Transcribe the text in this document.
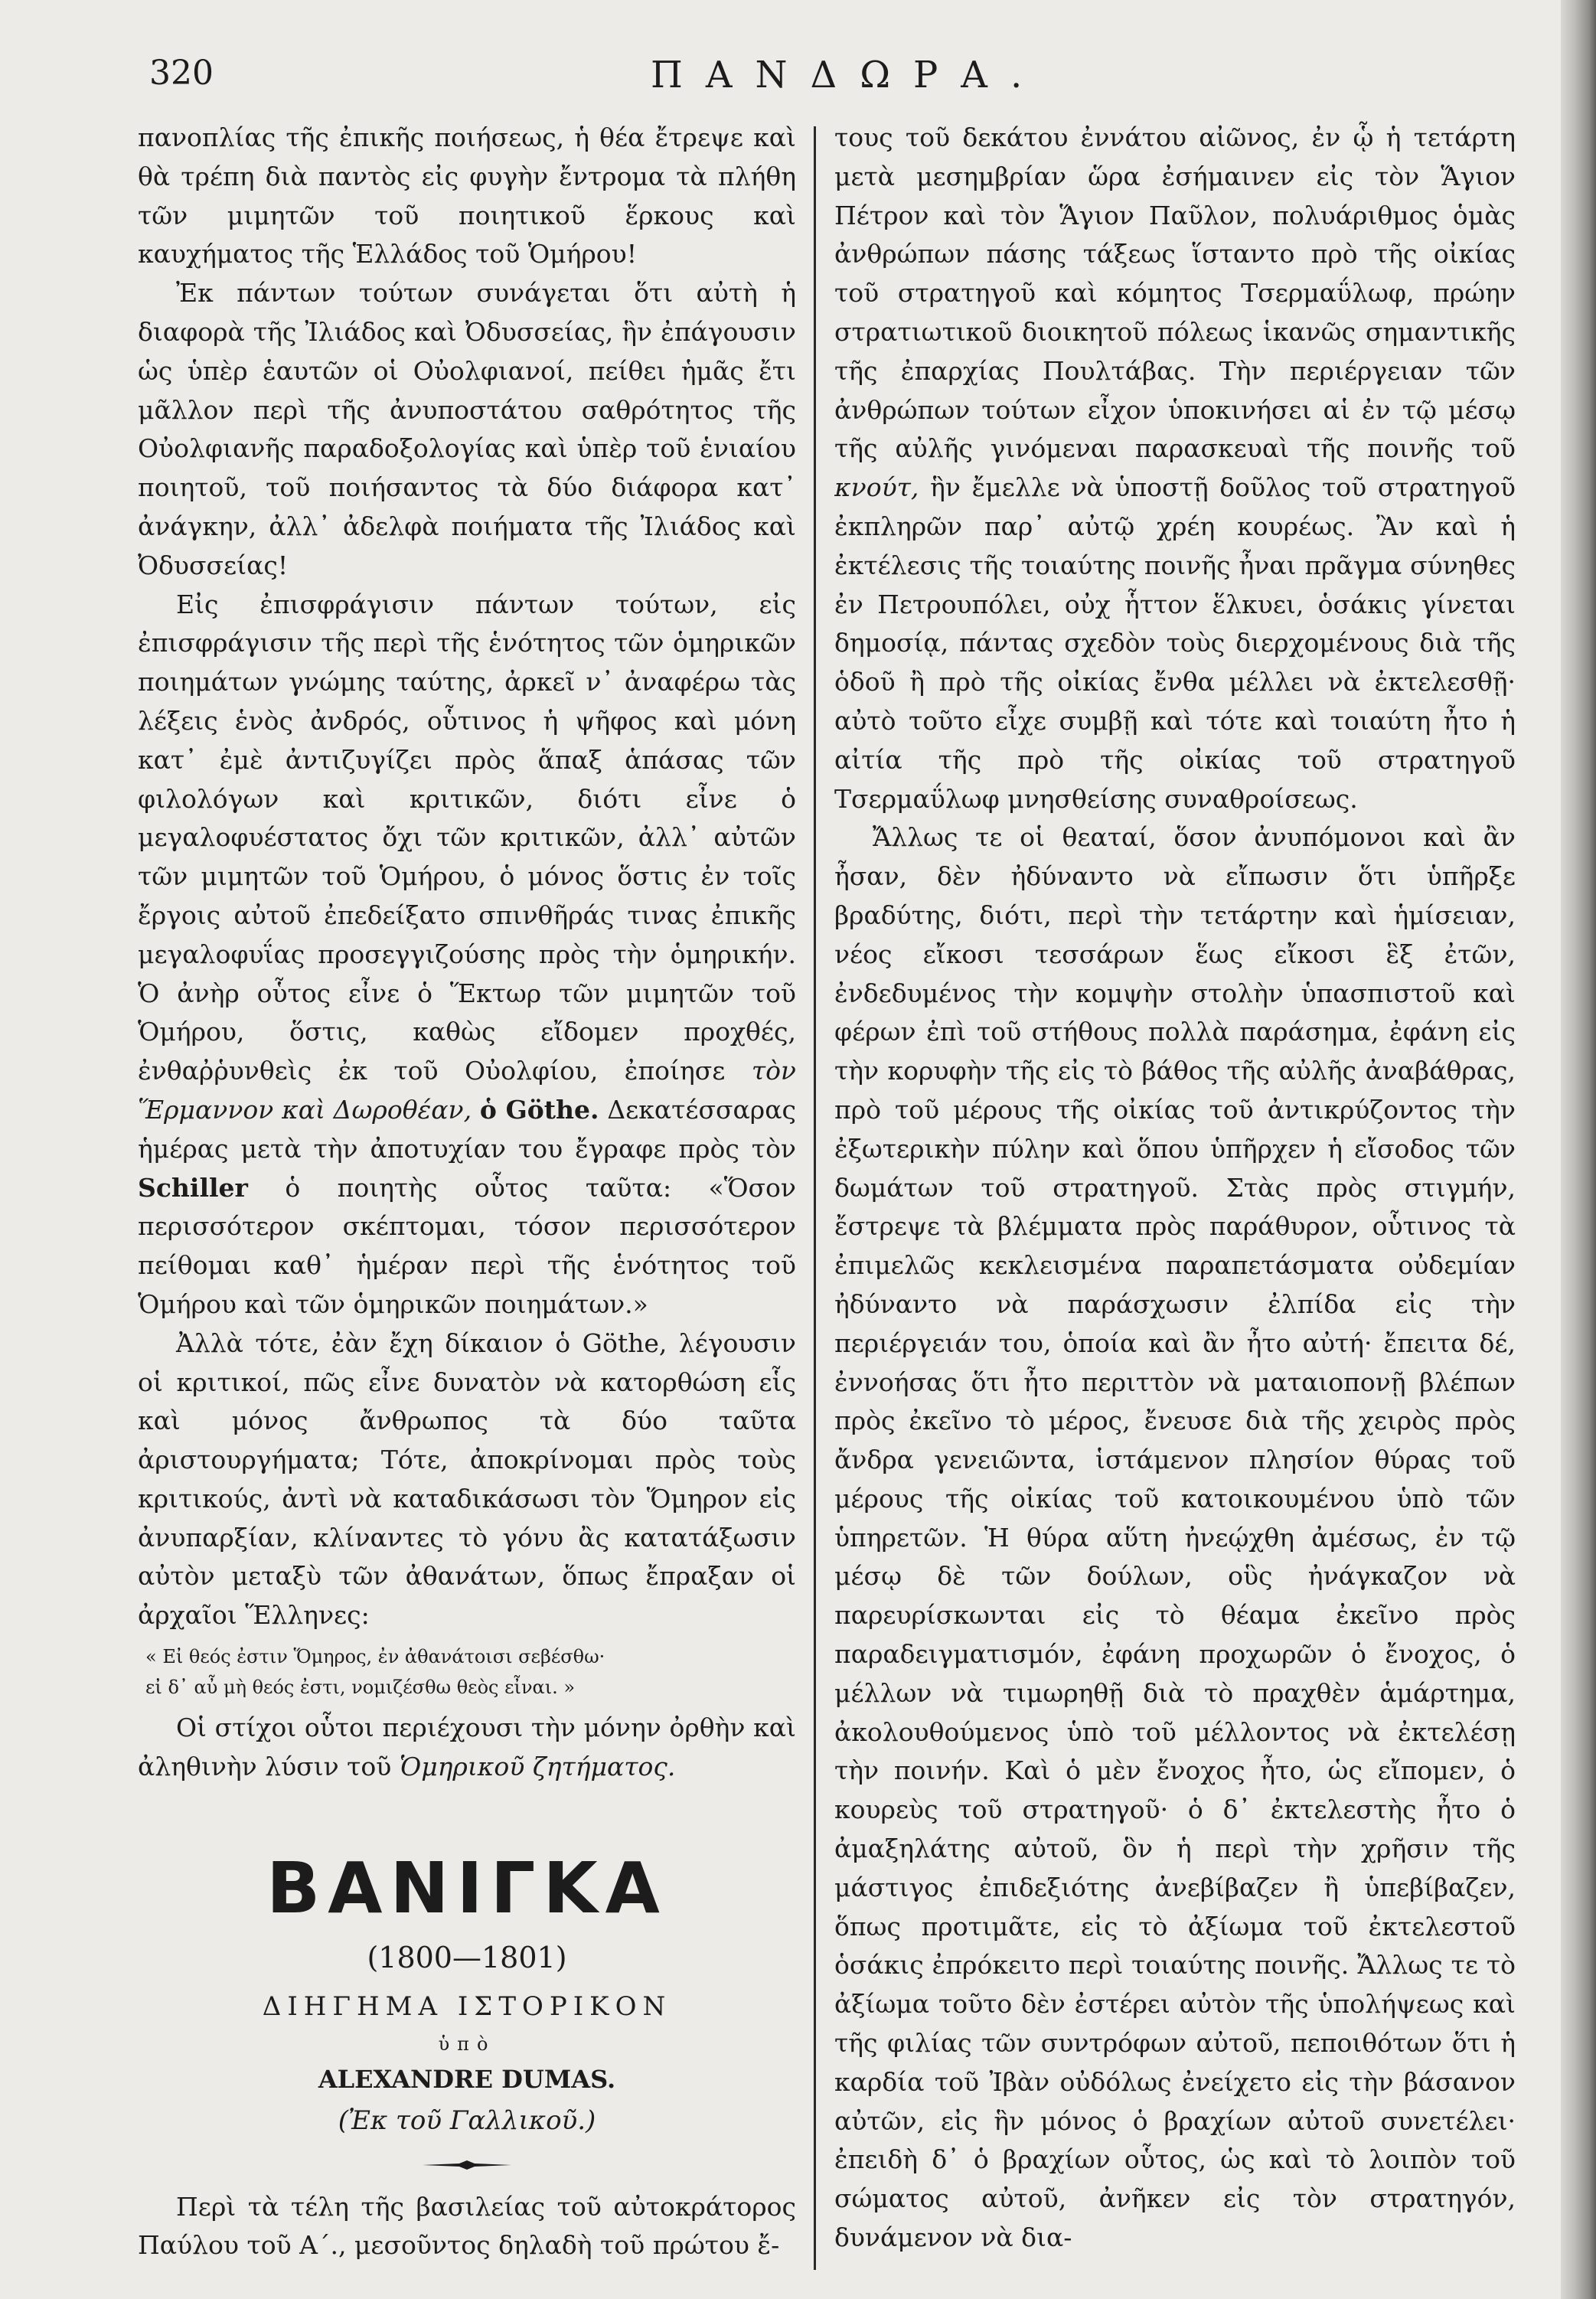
320	ΠΑΝΔΩΡΑ.

πανοπλίας τῆς ἐπικῆς ποιήσεως, ἡ θέα ἔτρεψε καὶ θὰ τρέπη διὰ παντὸς εἰς φυγὴν ἔντρομα τὰ πλήθη τῶν μιμητῶν τοῦ ποιητικοῦ ἕρκους καὶ καυχήματος τῆς Ἑλλάδος τοῦ Ὁμήρου!

Ἐκ πάντων τούτων συνάγεται ὅτι αὐτὴ ἡ διαφορὰ τῆς Ἰλιάδος καὶ Ὀδυσσείας, ἣν ἐπάγουσιν ὡς ὑπὲρ ἑαυτῶν οἱ Οὐολφιανοί, πείθει ἡμᾶς ἔτι μᾶλλον περὶ τῆς ἀνυποστάτου σαθρότητος τῆς Οὐολφιανῆς παραδοξολογίας καὶ ὑπὲρ τοῦ ἑνιαίου ποιητοῦ, τοῦ ποιήσαντος τὰ δύο διάφορα κατ᾽ ἀνάγκην, ἀλλ᾽ ἀδελφὰ ποιήματα τῆς Ἰλιάδος καὶ Ὀδυσσείας!

Εἰς ἐπισφράγισιν πάντων τούτων, εἰς ἐπισφράγισιν τῆς περὶ τῆς ἑνότητος τῶν ὁμηρικῶν ποιημάτων γνώμης ταύτης, ἀρκεῖ ν᾽ ἀναφέρω τὰς λέξεις ἑνὸς ἀνδρός, οὗτινος ἡ ψῆφος καὶ μόνη κατ᾽ ἐμὲ ἀντιζυγίζει πρὸς ἅπαξ ἁπάσας τῶν φιλολόγων καὶ κριτικῶν, διότι εἶνε ὁ μεγαλοφυέστατος ὄχι τῶν κριτικῶν, ἀλλ᾽ αὐτῶν τῶν μιμητῶν τοῦ Ὁμήρου, ὁ μόνος ὅστις ἐν τοῖς ἔργοις αὐτοῦ ἐπεδείξατο σπινθῆράς τινας ἐπικῆς μεγαλοφυΐας προσεγγιζούσης πρὸς τὴν ὁμηρικήν. Ὁ ἀνὴρ οὗτος εἶνε ὁ Ἕκτωρ τῶν μιμητῶν τοῦ Ὁμήρου, ὅστις, καθὼς εἴδομεν προχθές, ἐνθαῤῥυνθεὶς ἐκ τοῦ Οὐολφίου, ἐποίησε τὸν Ἕρμαννον καὶ Δωροθέαν, ὁ Göthe. Δεκατέσσαρας ἡμέρας μετὰ τὴν ἀποτυχίαν του ἔγραφε πρὸς τὸν Schiller ὁ ποιητὴς οὗτος ταῦτα: «Ὅσον περισσότερον σκέπτομαι, τόσον περισσότερον πείθομαι καθ᾽ ἡμέραν περὶ τῆς ἑνότητος τοῦ Ὁμήρου καὶ τῶν ὁμηρικῶν ποιημάτων.»

Ἀλλὰ τότε, ἐὰν ἔχη δίκαιον ὁ Göthe, λέγουσιν οἱ κριτικοί, πῶς εἶνε δυνατὸν νὰ κατορθώση εἷς καὶ μόνος ἄνθρωπος τὰ δύο ταῦτα ἀριστουργήματα; Τότε, ἀποκρίνομαι πρὸς τοὺς κριτικούς, ἀντὶ νὰ καταδικάσωσι τὸν Ὅμηρον εἰς ἀνυπαρξίαν, κλίναντες τὸ γόνυ ἂς κατατάξωσιν αὐτὸν μεταξὺ τῶν ἀθανάτων, ὅπως ἔπραξαν οἱ ἀρχαῖοι Ἕλληνες:

« Εἰ θεός ἐστιν Ὅμηρος, ἐν ἀθανάτοισι σεβέσθω·
εἰ δ᾽ αὖ μὴ θεός ἐστι, νομιζέσθω θεὸς εἶναι. »

Οἱ στίχοι οὗτοι περιέχουσι τὴν μόνην ὀρθὴν καὶ ἀληθινὴν λύσιν τοῦ Ὁμηρικοῦ ζητήματος.

ΒΑΝΙΓΚΑ
(1800—1801)
ΔΙΗΓΗΜΑ ΙΣΤΟΡΙΚΟΝ
ὑπὸ
ALEXANDRE DUMAS.
(Ἐκ τοῦ Γαλλικοῦ.)

Περὶ τὰ τέλη τῆς βασιλείας τοῦ αὐτοκράτορος Παύλου τοῦ Α΄., μεσοῦντος δηλαδὴ τοῦ πρώτου ἔ-

τους τοῦ δεκάτου ἐννάτου αἰῶνος, ἐν ᾧ ἡ τετάρτη μετὰ μεσημβρίαν ὥρα ἐσήμαινεν εἰς τὸν Ἅγιον Πέτρον καὶ τὸν Ἅγιον Παῦλον, πολυάριθμος ὁμὰς ἀνθρώπων πάσης τάξεως ἵσταντο πρὸ τῆς οἰκίας τοῦ στρατηγοῦ καὶ κόμητος Τσερμαΰλωφ, πρώην στρατιωτικοῦ διοικητοῦ πόλεως ἱκανῶς σημαντικῆς τῆς ἐπαρχίας Πουλτάβας. Τὴν περιέργειαν τῶν ἀνθρώπων τούτων εἶχον ὑποκινήσει αἱ ἐν τῷ μέσῳ τῆς αὐλῆς γινόμεναι παρασκευαὶ τῆς ποινῆς τοῦ κνούτ, ἣν ἔμελλε νὰ ὑποστῇ δοῦλος τοῦ στρατηγοῦ ἐκπληρῶν παρ᾽ αὐτῷ χρέη κουρέως. Ἂν καὶ ἡ ἐκτέλεσις τῆς τοιαύτης ποινῆς ἦναι πρᾶγμα σύνηθες ἐν Πετρουπόλει, οὐχ ἧττον ἕλκυει, ὁσάκις γίνεται δημοσίᾳ, πάντας σχεδὸν τοὺς διερχομένους διὰ τῆς ὁδοῦ ἢ πρὸ τῆς οἰκίας ἔνθα μέλλει νὰ ἐκτελεσθῇ· αὐτὸ τοῦτο εἶχε συμβῇ καὶ τότε καὶ τοιαύτη ἦτο ἡ αἰτία τῆς πρὸ τῆς οἰκίας τοῦ στρατηγοῦ Τσερμαΰλωφ μνησθείσης συναθροίσεως.

Ἄλλως τε οἱ θεαταί, ὅσον ἀνυπόμονοι καὶ ἂν ἦσαν, δὲν ἠδύναντο νὰ εἴπωσιν ὅτι ὑπῆρξε βραδύτης, διότι, περὶ τὴν τετάρτην καὶ ἡμίσειαν, νέος εἴκοσι τεσσάρων ἕως εἴκοσι ἓξ ἐτῶν, ἐνδεδυμένος τὴν κομψὴν στολὴν ὑπασπιστοῦ καὶ φέρων ἐπὶ τοῦ στήθους πολλὰ παράσημα, ἐφάνη εἰς τὴν κορυφὴν τῆς εἰς τὸ βάθος τῆς αὐλῆς ἀναβάθρας, πρὸ τοῦ μέρους τῆς οἰκίας τοῦ ἀντικρύζοντος τὴν ἐξωτερικὴν πύλην καὶ ὅπου ὑπῆρχεν ἡ εἴσοδος τῶν δωμάτων τοῦ στρατηγοῦ. Στὰς πρὸς στιγμήν, ἔστρεψε τὰ βλέμματα πρὸς παράθυρον, οὗτινος τὰ ἐπιμελῶς κεκλεισμένα παραπετάσματα οὐδεμίαν ἠδύναντο νὰ παράσχωσιν ἐλπίδα εἰς τὴν περιέργειάν του, ὁποία καὶ ἂν ἦτο αὐτή· ἔπειτα δέ, ἐννοήσας ὅτι ἦτο περιττὸν νὰ ματαιοπονῇ βλέπων πρὸς ἐκεῖνο τὸ μέρος, ἔνευσε διὰ τῆς χειρὸς πρὸς ἄνδρα γενειῶντα, ἱστάμενον πλησίον θύρας τοῦ μέρους τῆς οἰκίας τοῦ κατοικουμένου ὑπὸ τῶν ὑπηρετῶν. Ἡ θύρα αὕτη ἠνεῴχθη ἀμέσως, ἐν τῷ μέσῳ δὲ τῶν δούλων, οὓς ἠνάγκαζον νὰ παρευρίσκωνται εἰς τὸ θέαμα ἐκεῖνο πρὸς παραδειγματισμόν, ἐφάνη προχωρῶν ὁ ἔνοχος, ὁ μέλλων νὰ τιμωρηθῇ διὰ τὸ πραχθὲν ἁμάρτημα, ἀκολουθούμενος ὑπὸ τοῦ μέλλοντος νὰ ἐκτελέσῃ τὴν ποινήν. Καὶ ὁ μὲν ἔνοχος ἦτο, ὡς εἴπομεν, ὁ κουρεὺς τοῦ στρατηγοῦ· ὁ δ᾽ ἐκτελεστὴς ἦτο ὁ ἀμαξηλάτης αὐτοῦ, ὃν ἡ περὶ τὴν χρῆσιν τῆς μάστιγος ἐπιδεξιότης ἀνεβίβαζεν ἢ ὑπεβίβαζεν, ὅπως προτιμᾶτε, εἰς τὸ ἀξίωμα τοῦ ἐκτελεστοῦ ὁσάκις ἐπρόκειτο περὶ τοιαύτης ποινῆς. Ἄλλως τε τὸ ἀξίωμα τοῦτο δὲν ἐστέρει αὐτὸν τῆς ὑπολήψεως καὶ τῆς φιλίας τῶν συντρόφων αὐτοῦ, πεποιθότων ὅτι ἡ καρδία τοῦ Ἰβὰν οὐδόλως ἐνείχετο εἰς τὴν βάσανον αὐτῶν, εἰς ἣν μόνος ὁ βραχίων αὐτοῦ συνετέλει· ἐπειδὴ δ᾽ ὁ βραχίων οὗτος, ὡς καὶ τὸ λοιπὸν τοῦ σώματος αὐτοῦ, ἀνῆκεν εἰς τὸν στρατηγόν, δυνάμενον νὰ δια-
